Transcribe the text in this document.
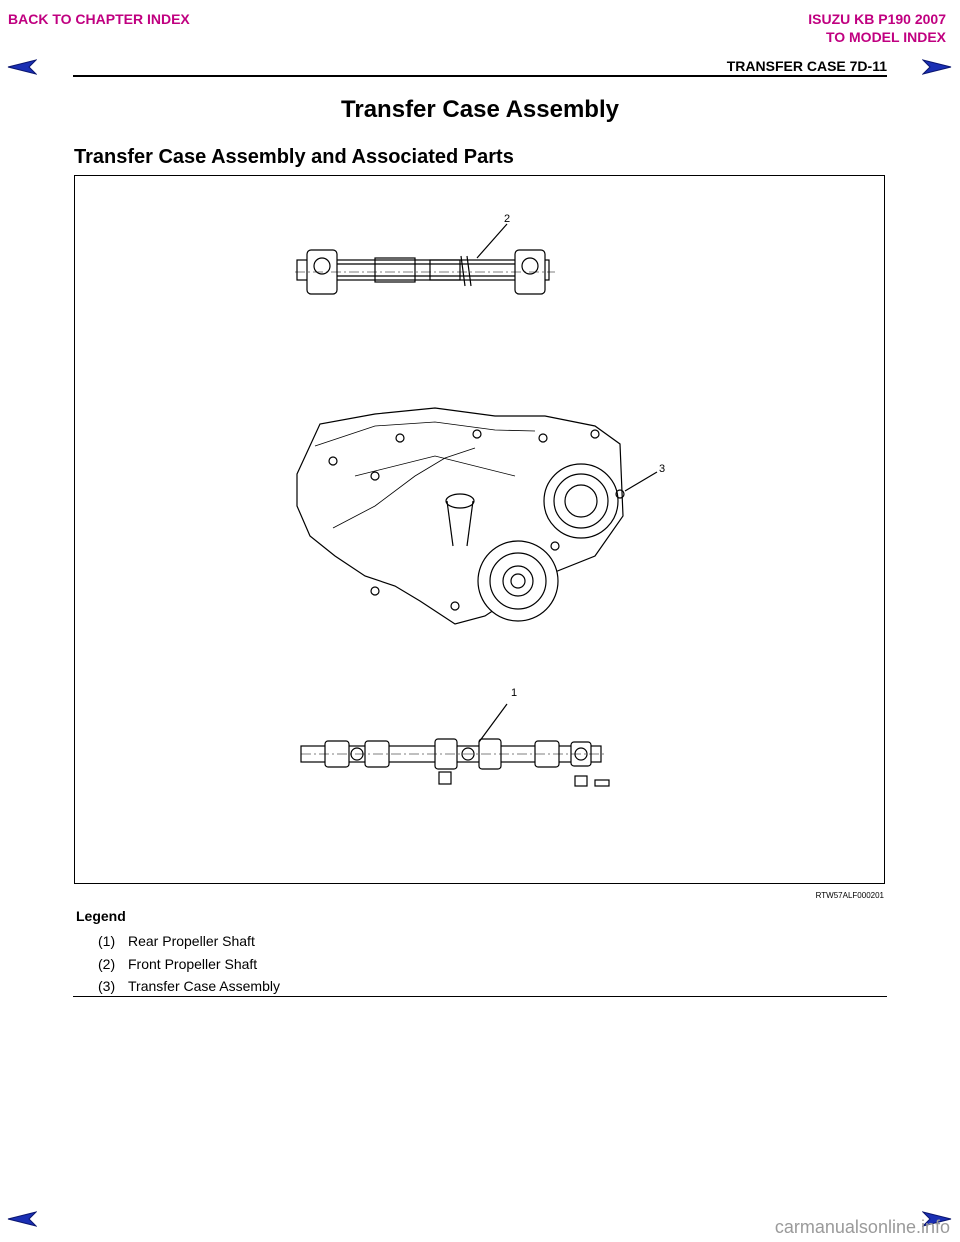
BACK TO CHAPTER INDEX	ISUZU KB P190 2007
TO MODEL INDEX
TRANSFER CASE 7D-11
Transfer Case Assembly
Transfer Case Assembly and Associated Parts
1
2
3
RTW57ALF000201
Legend
(1) Rear Propeller Shaft
(2) Front Propeller Shaft
(3) Transfer Case Assembly
carmanualsonline.info
